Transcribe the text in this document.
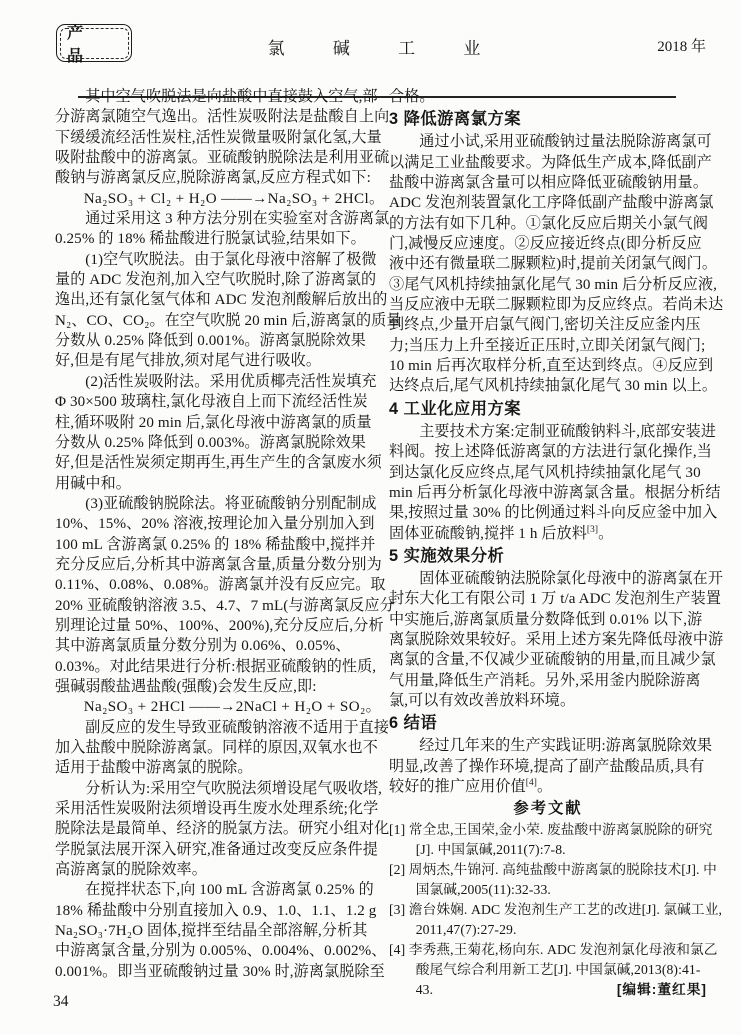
产 品	氯 碱 工 业	2018 年
其中空气吹脱法是向盐酸中直接鼓入空气,部
分游离氯随空气逸出。活性炭吸附法是盐酸自上向
下缓缓流经活性炭柱,活性炭微量吸附氯化氢,大量
吸附盐酸中的游离氯。亚硫酸钠脱除法是利用亚硫
酸钠与游离氯反应,脱除游离氯,反应方程式如下:
Na₂SO₃ + Cl₂ + H₂O ——→Na₂SO₃ + 2HCl。
通过采用这 3 种方法分别在实验室对含游离氯
0.25% 的 18% 稀盐酸进行脱氯试验,结果如下。
(1)空气吹脱法。由于氯化母液中溶解了极微
量的 ADC 发泡剂,加入空气吹脱时,除了游离氯的
逸出,还有氯化氢气体和 ADC 发泡剂酸解后放出的
N₂、CO、CO₂。在空气吹脱 20 min 后,游离氯的质量
分数从 0.25% 降低到 0.001%。游离氯脱除效果
好,但是有尾气排放,须对尾气进行吸收。
(2)活性炭吸附法。采用优质椰壳活性炭填充
Φ 30×500 玻璃柱,氯化母液自上而下流经活性炭
柱,循环吸附 20 min 后,氯化母液中游离氯的质量
分数从 0.25% 降低到 0.003%。游离氯脱除效果
好,但是活性炭须定期再生,再生产生的含氯废水须
用碱中和。
(3)亚硫酸钠脱除法。将亚硫酸钠分别配制成
10%、15%、20% 溶液,按理论加入量分别加入到
100 mL 含游离氯 0.25% 的 18% 稀盐酸中,搅拌并
充分反应后,分析其中游离氯含量,质量分数分别为
0.11%、0.08%、0.08%。游离氯并没有反应完。取
20% 亚硫酸钠溶液 3.5、4.7、7 mL(与游离氯反应分
别理论过量 50%、100%、200%),充分反应后,分析
其中游离氯质量分数分别为 0.06%、0.05%、
0.03%。对此结果进行分析:根据亚硫酸钠的性质,
强碱弱酸盐遇盐酸(强酸)会发生反应,即:
Na₂SO₃ + 2HCl ——→2NaCl + H₂O + SO₂。
副反应的发生导致亚硫酸钠溶液不适用于直接
加入盐酸中脱除游离氯。同样的原因,双氧水也不
适用于盐酸中游离氯的脱除。
分析认为:采用空气吹脱法须增设尾气吸收塔,
采用活性炭吸附法须增设再生废水处理系统;化学
脱除法是最简单、经济的脱氯方法。研究小组对化
学脱氯法展开深入研究,准备通过改变反应条件提
高游离氯的脱除效率。
在搅拌状态下,向 100 mL 含游离氯 0.25% 的
18% 稀盐酸中分别直接加入 0.9、1.0、1.1、1.2 g
Na₂SO₃·7H₂O 固体,搅拌至结晶全部溶解,分析其
中游离氯含量,分别为 0.005%、0.004%、0.002%、
0.001%。即当亚硫酸钠过量 30% 时,游离氯脱除至
合格。
3 降低游离氯方案
通过小试,采用亚硫酸钠过量法脱除游离氯可
以满足工业盐酸要求。为降低生产成本,降低副产
盐酸中游离氯含量可以相应降低亚硫酸钠用量。
ADC 发泡剂装置氯化工序降低副产盐酸中游离氯
的方法有如下几种。①氯化反应后期关小氯气阀
门,减慢反应速度。②反应接近终点(即分析反应
液中还有微量联二脲颗粒)时,提前关闭氯气阀门。
③尾气风机持续抽氯化尾气 30 min 后分析反应液,
当反应液中无联二脲颗粒即为反应终点。若尚未达
到终点,少量开启氯气阀门,密切关注反应釜内压
力;当压力上升至接近正压时,立即关闭氯气阀门;
10 min 后再次取样分析,直至达到终点。④反应到
达终点后,尾气风机持续抽氯化尾气 30 min 以上。
4 工业化应用方案
主要技术方案:定制亚硫酸钠料斗,底部安装进
料阀。按上述降低游离氯的方法进行氯化操作,当
到达氯化反应终点,尾气风机持续抽氯化尾气 30
min 后再分析氯化母液中游离氯含量。根据分析结
果,按照过量 30% 的比例通过料斗向反应釜中加入
固体亚硫酸钠,搅拌 1 h 后放料[3]。
5 实施效果分析
固体亚硫酸钠法脱除氯化母液中的游离氯在开
封东大化工有限公司 1 万 t/a ADC 发泡剂生产装置
中实施后,游离氯质量分数降低到 0.01% 以下,游
离氯脱除效果较好。采用上述方案先降低母液中游
离氯的含量,不仅减少亚硫酸钠的用量,而且减少氯
气用量,降低生产消耗。另外,采用釜内脱除游离
氯,可以有效改善放料环境。
6 结语
经过几年来的生产实践证明:游离氯脱除效果
明显,改善了操作环境,提高了副产盐酸品质,具有
较好的推广应用价值[4]。
参考文献
[1] 常全忠,王国荣,金小荣. 废盐酸中游离氯脱除的研究
[J]. 中国氯碱,2011(7):7-8.
[2] 周炳杰,牛锦河. 高纯盐酸中游离氯的脱除技术[J]. 中
国氯碱,2005(11):32-33.
[3] 澹台姝娴. ADC 发泡剂生产工艺的改进[J]. 氯碱工业,
2011,47(7):27-29.
[4] 李秀燕,王菊花,杨向东. ADC 发泡剂氯化母液和氯乙
酸尾气综合利用新工艺[J]. 中国氯碱,2013(8):41-
43.	[编辑:董红果]
34
